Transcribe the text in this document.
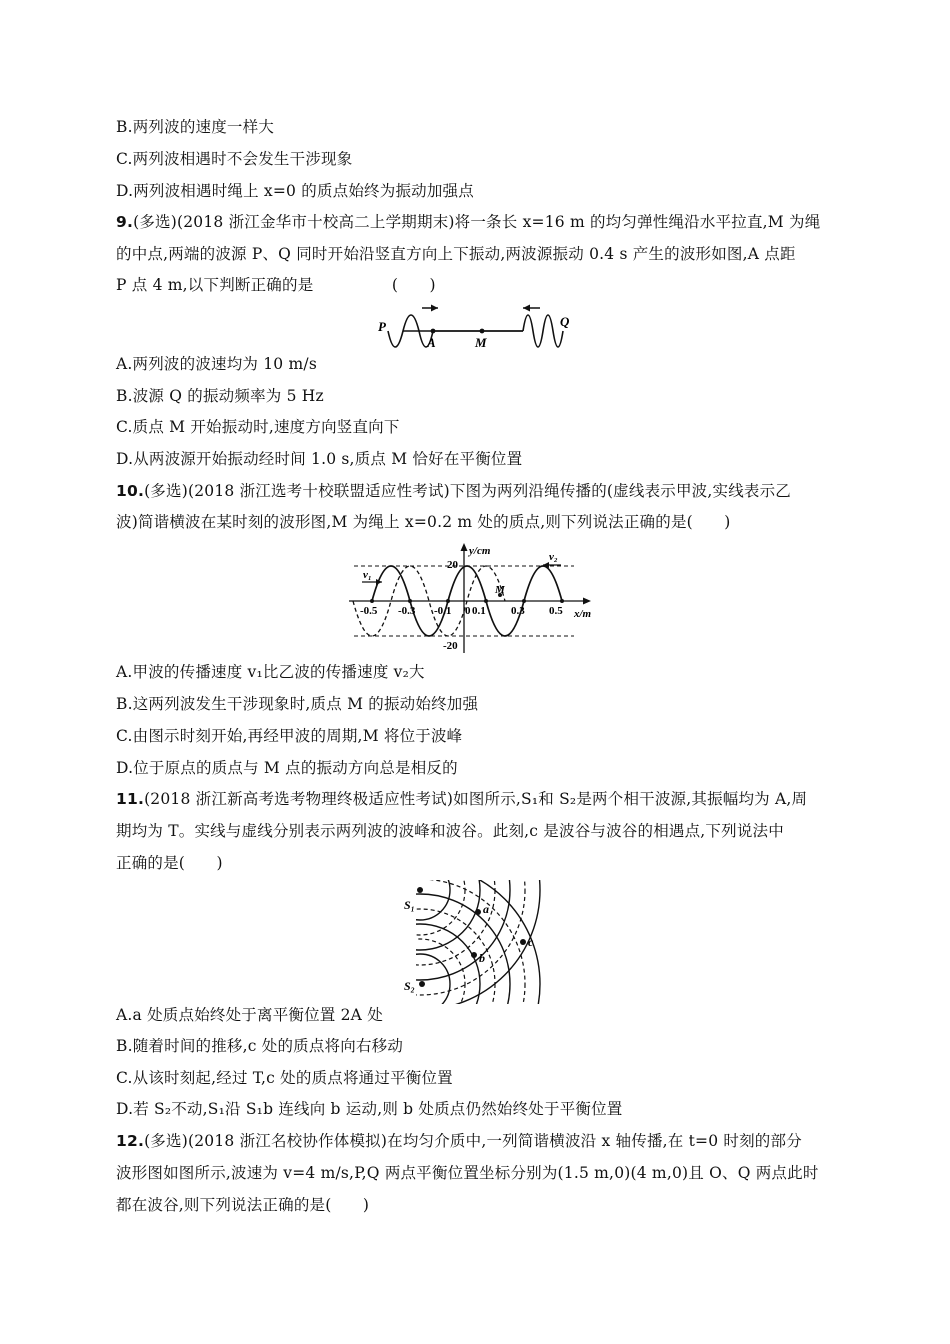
B.两列波的速度一样大
C.两列波相遇时不会发生干涉现象
D.两列波相遇时绳上 x=0 的质点始终为振动加强点
9.(多选)(2018 浙江金华市十校高二上学期期末)将一条长 x=16 m 的均匀弹性绳沿水平拉直,M 为绳
的中点,两端的波源 P、Q 同时开始沿竖直方向上下振动,两波源振动 0.4 s 产生的波形如图,A 点距
P 点 4 m,以下判断正确的是　　　　　(　　)
P
A	M
Q
A.两列波的波速均为 10 m/s
B.波源 Q 的振动频率为 5 Hz
C.质点 M 开始振动时,速度方向竖直向下
D.从两波源开始振动经时间 1.0 s,质点 M 恰好在平衡位置
10.(多选)(2018 浙江选考十校联盟适应性考试)下图为两列沿绳传播的(虚线表示甲波,实线表示乙
波)简谐横波在某时刻的波形图,M 为绳上 x=0.2 m 处的质点,则下列说法正确的是(　　)
y/cm
x/m
20
-20
-0.5 -0.3 -0.1 0 0.1 0.3 0.5
v₁
v₂
M
A.甲波的传播速度 v₁比乙波的传播速度 v₂大
B.这两列波发生干涉现象时,质点 M 的振动始终加强
C.由图示时刻开始,再经甲波的周期,M 将位于波峰
D.位于原点的质点与 M 点的振动方向总是相反的
11.(2018 浙江新高考选考物理终极适应性考试)如图所示,S₁和 S₂是两个相干波源,其振幅均为 A,周
期均为 T。实线与虚线分别表示两列波的波峰和波谷。此刻,c 是波谷与波谷的相遇点,下列说法中
正确的是(　　)
S₁
S₂
a
b
c
A.a 处质点始终处于离平衡位置 2A 处
B.随着时间的推移,c 处的质点将向右移动
C.从该时刻起,经过 T,c 处的质点将通过平衡位置
D.若 S₂不动,S₁沿 S₁b 连线向 b 运动,则 b 处质点仍然始终处于平衡位置
12.(多选)(2018 浙江名校协作体模拟)在均匀介质中,一列简谐横波沿 x 轴传播,在 t=0 时刻的部分
波形图如图所示,波速为 v=4 m/s,P,Q 两点平衡位置坐标分别为(1.5 m,0)(4 m,0)且 O、Q 两点此时
都在波谷,则下列说法正确的是(　　)
